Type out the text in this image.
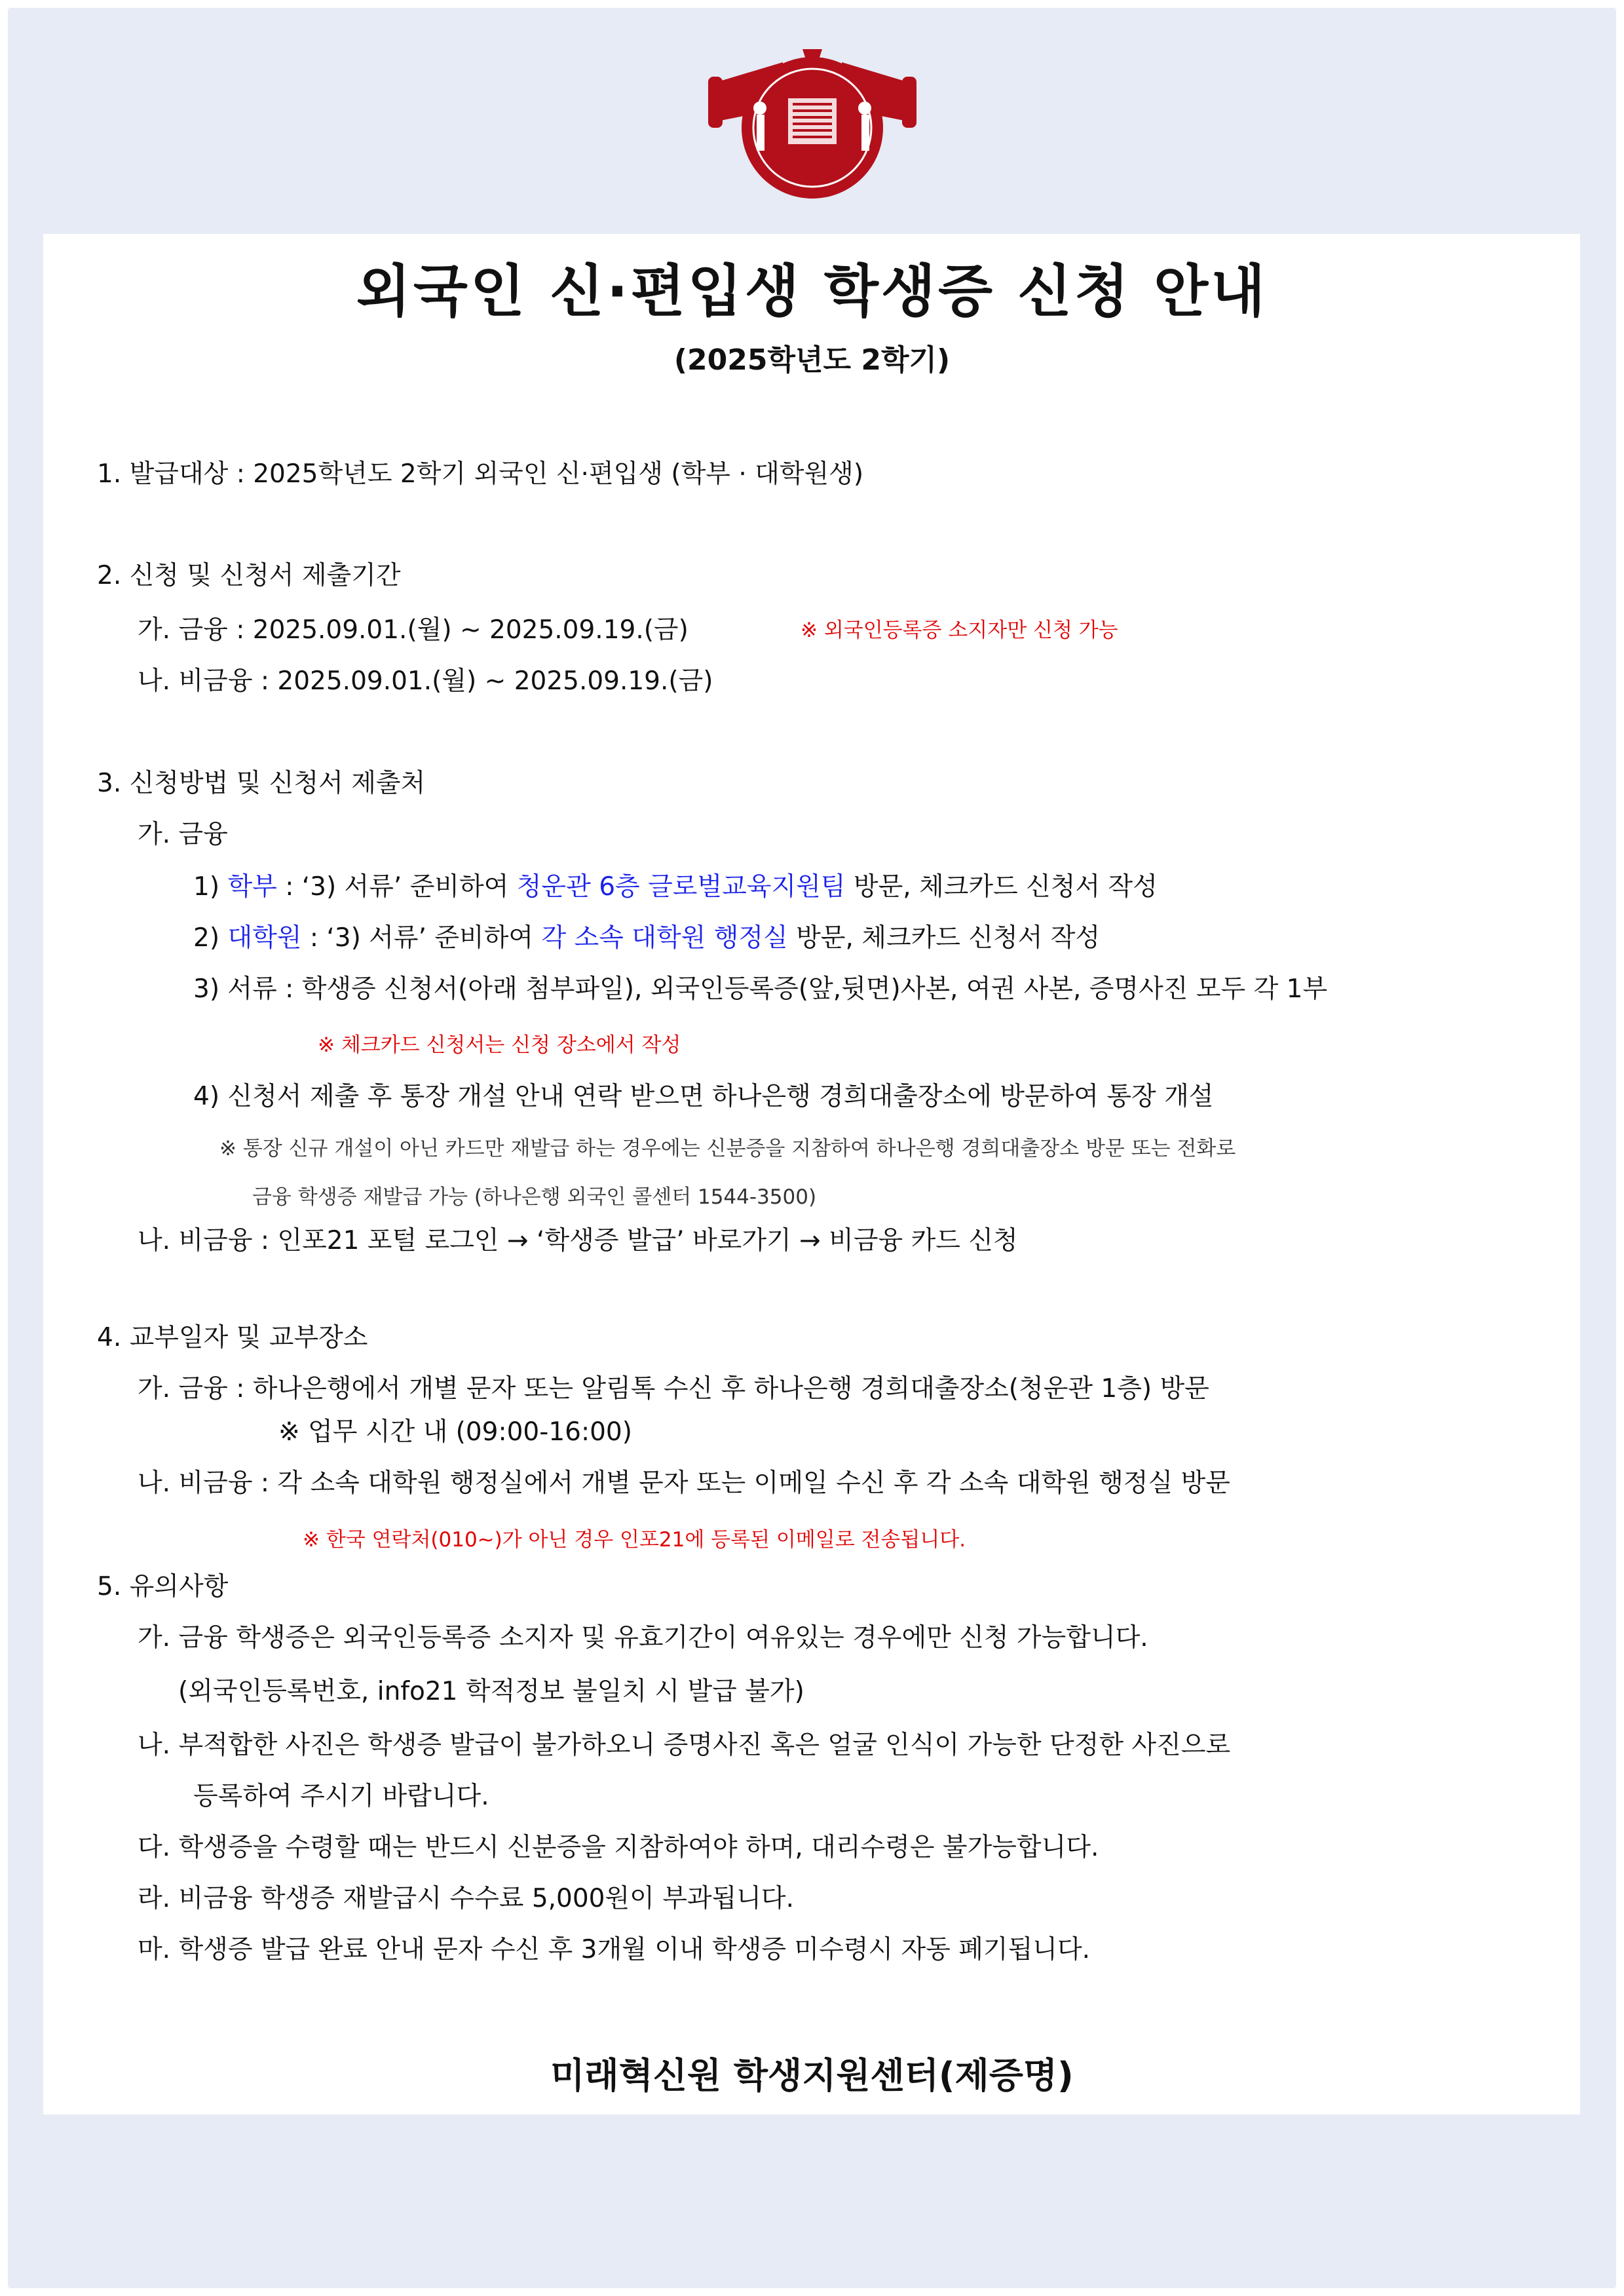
외국인 신·편입생 학생증 신청 안내
(2025학년도 2학기)
1. 발급대상 : 2025학년도 2학기 외국인 신·편입생 (학부 · 대학원생)
2. 신청 및 신청서 제출기간
가. 금융 : 2025.09.01.(월) ~ 2025.09.19.(금)	※ 외국인등록증 소지자만 신청 가능
나. 비금융 : 2025.09.01.(월) ~ 2025.09.19.(금)
3. 신청방법 및 신청서 제출처
가. 금융
1) 학부 : ‘3) 서류’ 준비하여 청운관 6층 글로벌교육지원팀 방문, 체크카드 신청서 작성
2) 대학원 : ‘3) 서류’ 준비하여 각 소속 대학원 행정실 방문, 체크카드 신청서 작성
3) 서류 : 학생증 신청서(아래 첨부파일), 외국인등록증(앞,뒷면)사본, 여권 사본, 증명사진 모두 각 1부
※ 체크카드 신청서는 신청 장소에서 작성
4) 신청서 제출 후 통장 개설 안내 연락 받으면 하나은행 경희대출장소에 방문하여 통장 개설
※ 통장 신규 개설이 아닌 카드만 재발급 하는 경우에는 신분증을 지참하여 하나은행 경희대출장소 방문 또는 전화로
금융 학생증 재발급 가능 (하나은행 외국인 콜센터 1544-3500)
나. 비금융 : 인포21 포털 로그인 → ‘학생증 발급’ 바로가기 → 비금융 카드 신청
4. 교부일자 및 교부장소
가. 금융 : 하나은행에서 개별 문자 또는 알림톡 수신 후 하나은행 경희대출장소(청운관 1층) 방문
※ 업무 시간 내 (09:00-16:00)
나. 비금융 : 각 소속 대학원 행정실에서 개별 문자 또는 이메일 수신 후 각 소속 대학원 행정실 방문
※ 한국 연락처(010~)가 아닌 경우 인포21에 등록된 이메일로 전송됩니다.
5. 유의사항
가. 금융 학생증은 외국인등록증 소지자 및 유효기간이 여유있는 경우에만 신청 가능합니다.
(외국인등록번호, info21 학적정보 불일치 시 발급 불가)
나. 부적합한 사진은 학생증 발급이 불가하오니 증명사진 혹은 얼굴 인식이 가능한 단정한 사진으로
등록하여 주시기 바랍니다.
다. 학생증을 수령할 때는 반드시 신분증을 지참하여야 하며, 대리수령은 불가능합니다.
라. 비금융 학생증 재발급시 수수료 5,000원이 부과됩니다.
마. 학생증 발급 완료 안내 문자 수신 후 3개월 이내 학생증 미수령시 자동 폐기됩니다.
미래혁신원 학생지원센터(제증명)
